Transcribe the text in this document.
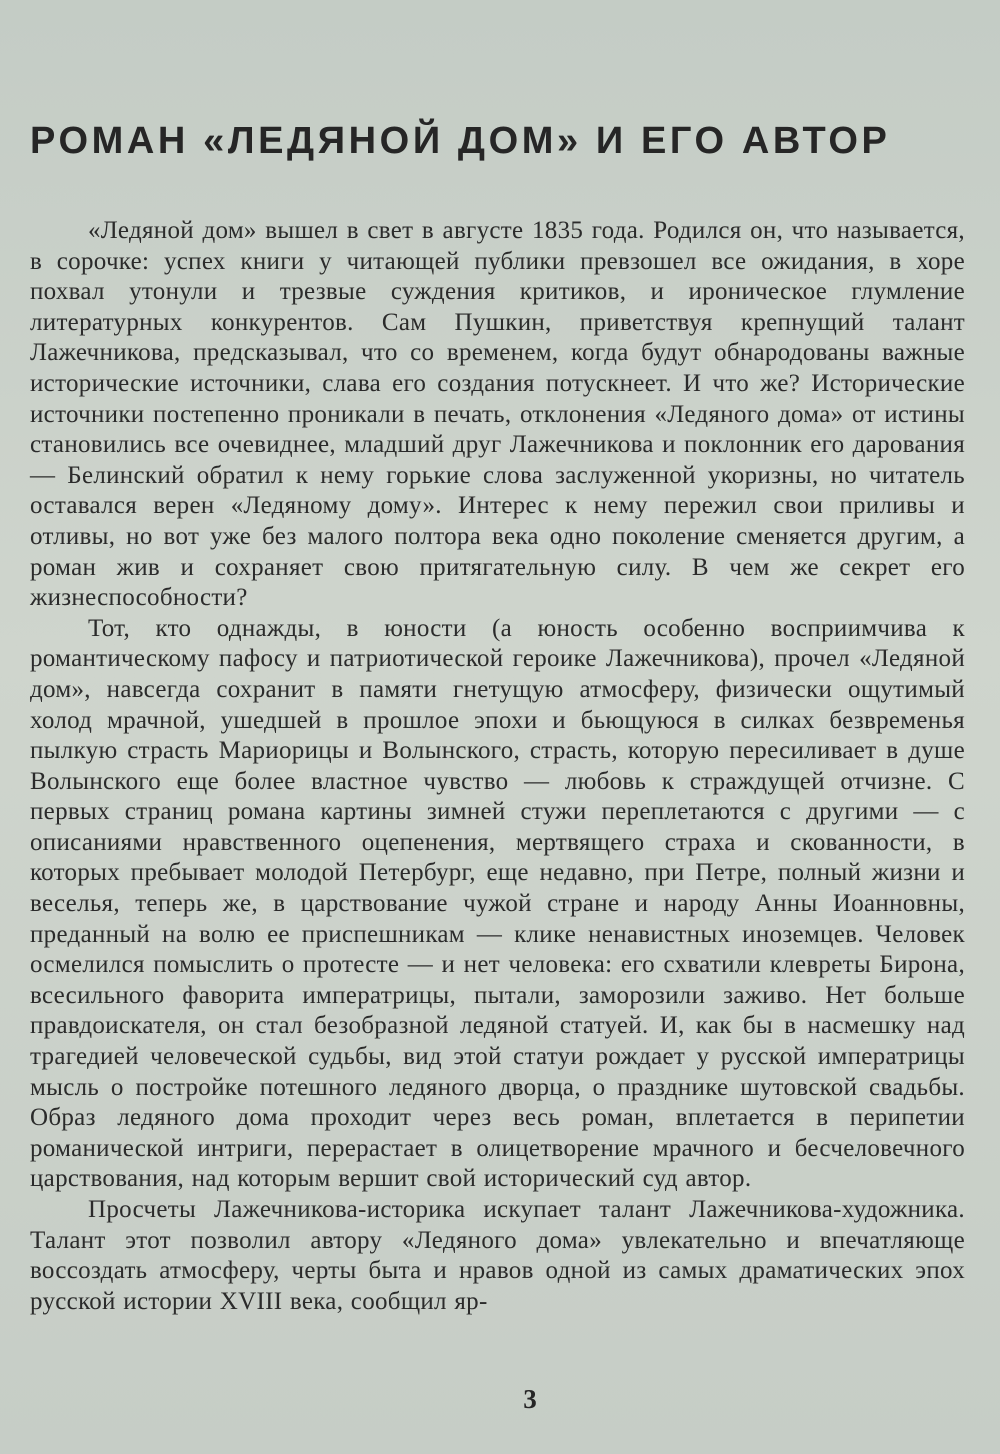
РОМАН «ЛЕДЯНОЙ ДОМ» И ЕГО АВТОР

«Ледяной дом» вышел в свет в августе 1835 года. Родился он, что называется, в сорочке: успех книги у читающей публики превзошел все ожидания, в хоре похвал утонули и трезвые суждения критиков, и ироническое глумление литературных конкурентов. Сам Пушкин, приветствуя крепнущий талант Лажечникова, предсказывал, что со временем, когда будут обнародованы важные исторические источники, слава его создания потускнеет. И что же? Исторические источники постепенно проникали в печать, отклонения «Ледяного дома» от истины становились все очевиднее, младший друг Лажечникова и поклонник его дарования — Белинский обратил к нему горькие слова заслуженной укоризны, но читатель оставался верен «Ледяному дому». Интерес к нему пережил свои приливы и отливы, но вот уже без малого полтора века одно поколение сменяется другим, а роман жив и сохраняет свою притягательную силу. В чем же секрет его жизнеспособности?

Тот, кто однажды, в юности (а юность особенно восприимчива к романтическому пафосу и патриотической героике Лажечникова), прочел «Ледяной дом», навсегда сохранит в памяти гнетущую атмосферу, физически ощутимый холод мрачной, ушедшей в прошлое эпохи и бьющуюся в силках безвременья пылкую страсть Мариорицы и Волынского, страсть, которую пересиливает в душе Волынского еще более властное чувство — любовь к страждущей отчизне. С первых страниц романа картины зимней стужи переплетаются с другими — с описаниями нравственного оцепенения, мертвящего страха и скованности, в которых пребывает молодой Петербург, еще недавно, при Петре, полный жизни и веселья, теперь же, в царствование чужой стране и народу Анны Иоанновны, преданный на волю ее приспешникам — клике ненавистных иноземцев. Человек осмелился помыслить о протесте — и нет человека: его схватили клевреты Бирона, всесильного фаворита императрицы, пытали, заморозили заживо. Нет больше правдоискателя, он стал безобразной ледяной статуей. И, как бы в насмешку над трагедией человеческой судьбы, вид этой статуи рождает у русской императрицы мысль о постройке потешного ледяного дворца, о празднике шутовской свадьбы. Образ ледяного дома проходит через весь роман, вплетается в перипетии романической интриги, перерастает в олицетворение мрачного и бесчеловечного царствования, над которым вершит свой исторический суд автор.

Просчеты Лажечникова-историка искупает талант Лажечникова-художника. Талант этот позволил автору «Ледяного дома» увлекательно и впечатляюще воссоздать атмосферу, черты быта и нравов одной из самых драматических эпох русской истории XVIII века, сообщил яр-

3
